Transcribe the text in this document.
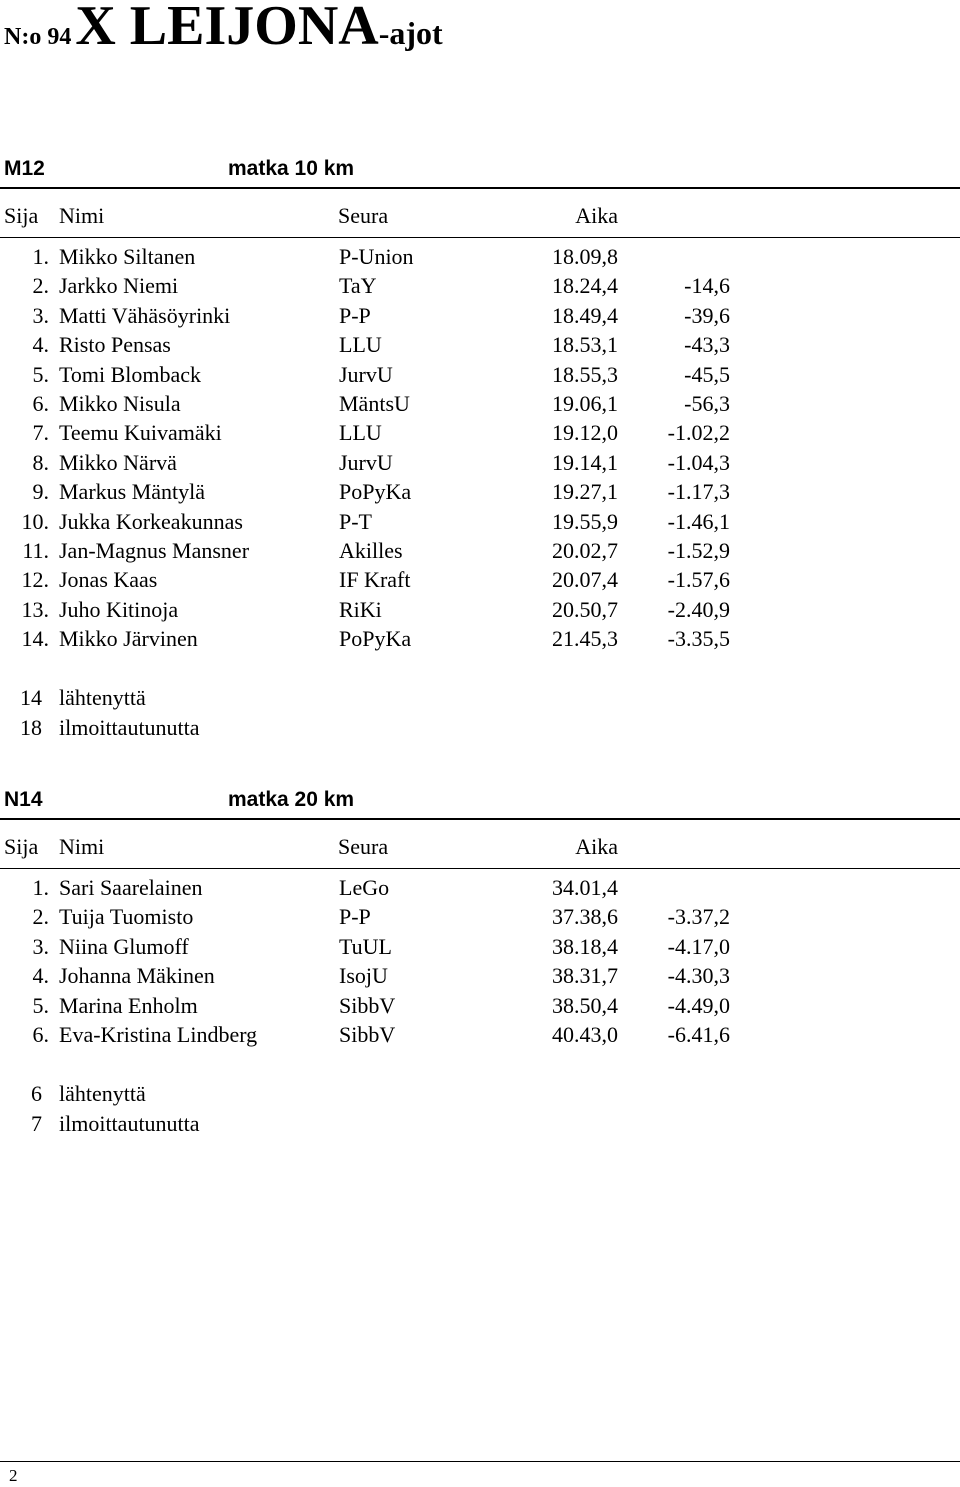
N:o 94 X LEIJONA-ajot
M12	matka 10 km
Sija Nimi	Seura	Aika
1. Mikko Siltanen	P-Union	18.09,8
2. Jarkko Niemi	TaY	18.24,4	-14,6
3. Matti Vähäsöyrinki	P-P	18.49,4	-39,6
4. Risto Pensas	LLU	18.53,1	-43,3
5. Tomi Blomback	JurvU	18.55,3	-45,5
6. Mikko Nisula	MäntsU	19.06,1	-56,3
7. Teemu Kuivamäki	LLU	19.12,0 -1.02,2
8. Mikko Närvä	JurvU	19.14,1 -1.04,3
9. Markus Mäntylä	PoPyKa	19.27,1 -1.17,3
10. Jukka Korkeakunnas	P-T	19.55,9 -1.46,1
11. Jan-Magnus Mansner	Akilles	20.02,7 -1.52,9
12. Jonas Kaas	IF Kraft	20.07,4 -1.57,6
13. Juho Kitinoja	RiKi	20.50,7 -2.40,9
14. Mikko Järvinen	PoPyKa	21.45,3 -3.35,5
14 lähtenyttä
18 ilmoittautunutta
N14	matka 20 km
Sija Nimi	Seura	Aika
1. Sari Saarelainen	LeGo	34.01,4
2. Tuija Tuomisto	P-P	37.38,6 -3.37,2
3. Niina Glumoff	TuUL	38.18,4 -4.17,0
4. Johanna Mäkinen	IsojU	38.31,7 -4.30,3
5. Marina Enholm	SibbV	38.50,4 -4.49,0
6. Eva-Kristina Lindberg	SibbV	40.43,0 -6.41,6
6 lähtenyttä
7 ilmoittautunutta
2
